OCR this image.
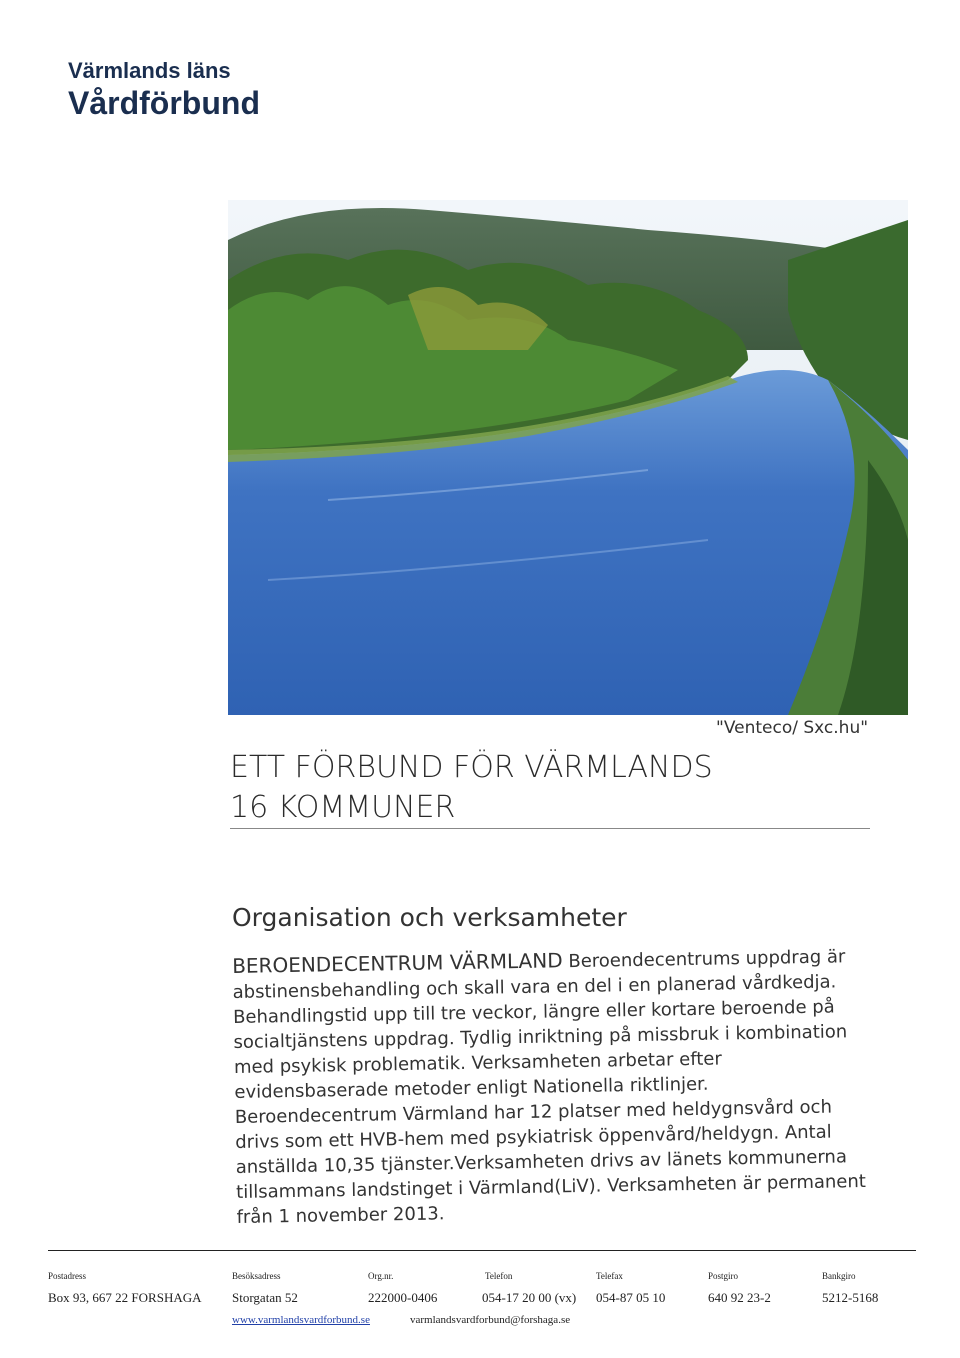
Värmlands läns
Vårdförbund
"Venteco/ Sxc.hu"
ETT FÖRBUND FÖR VÄRMLANDS
16 KOMMUNER
Organisation och verksamheter
BEROENDECENTRUM VÄRMLAND Beroendecentrums uppdrag är abstinensbehandling och skall vara en del i en planerad vårdkedja. Behandlingstid upp till tre veckor, längre eller kortare beroende på socialtjänstens uppdrag. Tydlig inriktning på missbruk i kombination med psykisk problematik. Verksamheten arbetar efter evidensbaserade metoder enligt Nationella riktlinjer. Beroendecentrum Värmland har 12 platser med heldygnsvård och drivs som ett HVB-hem med psykiatrisk öppenvård/heldygn. Antal anställda 10,35 tjänster.Verksamheten drivs av länets kommunerna tillsammans landstinget i Värmland(LiV). Verksamheten är permanent från 1 november 2013.
Postadress
Box 93, 667 22 FORSHAGA
Besöksadress
Storgatan 52
Org.nr.
222000-0406
Telefon
054-17 20 00 (vx)
Telefax
054-87 05 10
Postgiro
640 92 23-2
Bankgiro
5212-5168
www.varmlandsvardforbund.se	varmlandsvardforbund@forshaga.se
